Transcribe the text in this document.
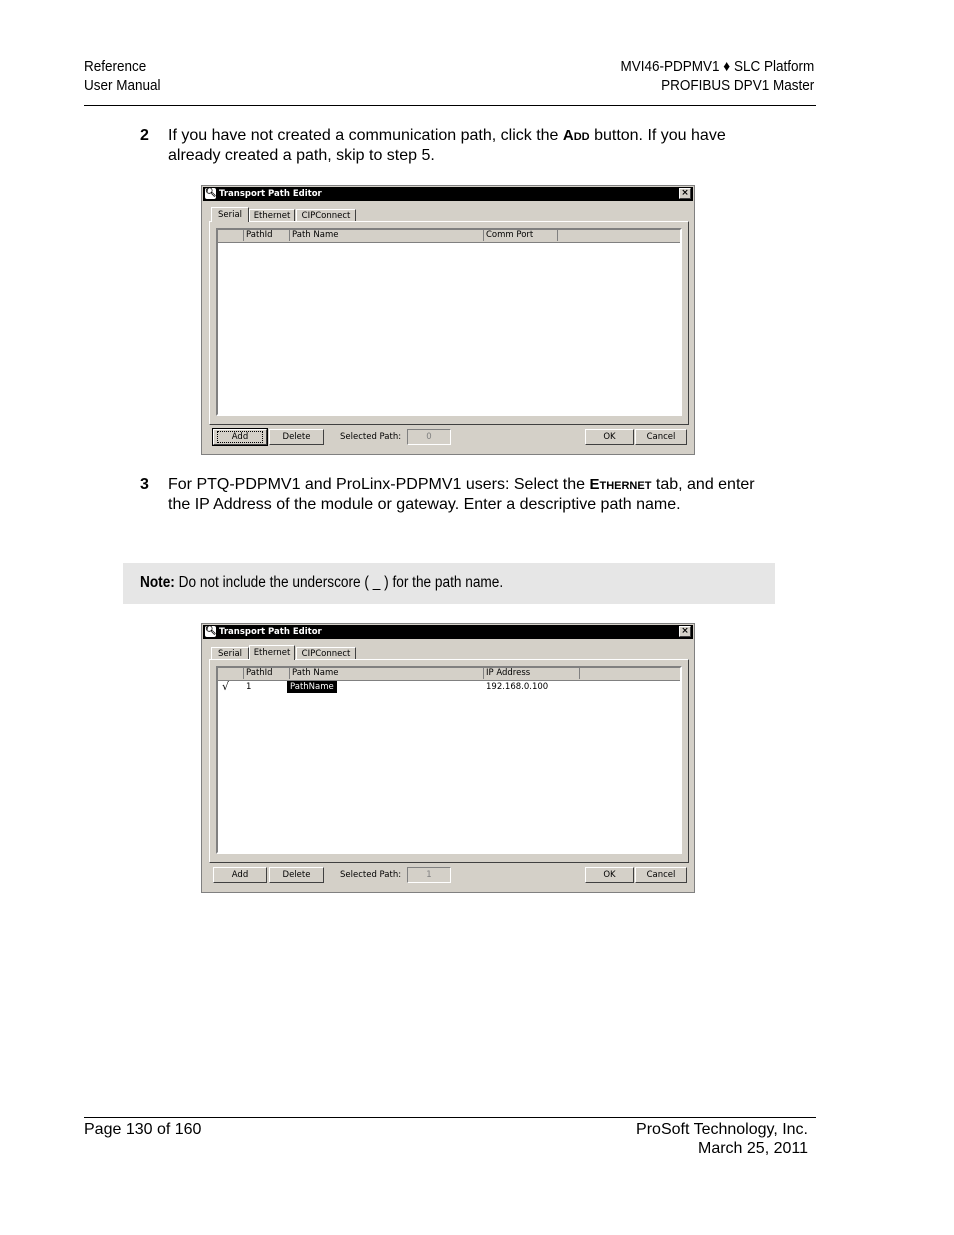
Reference
User Manual
MVI46-PDPMV1 ♦ SLC Platform
PROFIBUS DPV1 Master
2 If you have not created a communication path, click the Add button. If you have already created a path, skip to step 5.
🔍︎ Transport Path Editor	×
Serial	Ethernet	CIPConnect
PathId	Path Name	Comm Port
Add	Delete	Selected Path:	0	OK	Cancel
3 For PTQ-PDPMV1 and ProLinx-PDPMV1 users: Select the Ethernet tab, and enter the IP Address of the module or gateway. Enter a descriptive path name.
Note: Do not include the underscore ( _ ) for the path name.
🔍︎ Transport Path Editor	×
Serial	Ethernet	CIPConnect
PathId	Path Name	IP Address
√ 1	PathName	192.168.0.100
Add	Delete	Selected Path:	1	OK	Cancel
Page 130 of 160	ProSoft Technology, Inc.
March 25, 2011
